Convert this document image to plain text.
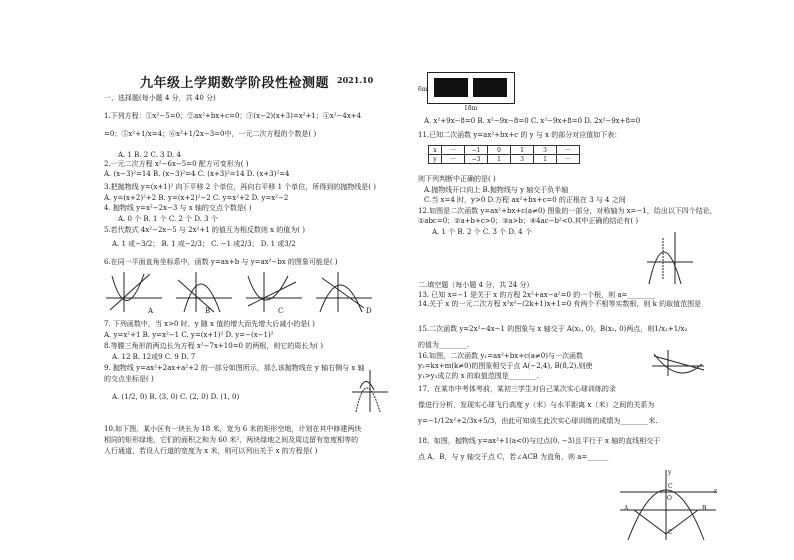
九年级上学期数学阶段性检测题 2021.10
一、选择题(每小题 4 分，共 40 分)
1.下列方程：①x²−5=0；②ax²+bx+c=0；③(x−2)(x+3)=x²+1；④x²−4x+4
=0；⑤x²+1/x=4；⑥x²+1/2x−3=0中，一元二次方程的个数是( )
A. 1 B. 2 C. 3 D. 4
2.一元二次方程 x²−6x−5=0 配方可变形为( )
A. (x−3)²=14 B. (x−3)²=4 C. (x+3)²=14 D. (x+3)²=4
3.把抛物线 y=(x+1)² 向下平移 2 个单位，再向右平移 1 个单位，所得到的抛物线是( )
A. y=(x+2)²+2 B. y=(x+2)²−2 C. y=x²+2 D. y=x²−2
4. 抛物线 y=x²−2x−3 与 x 轴的交点个数是( )
A. 0 个 B. 1 个 C. 2 个 D. 3 个
5.若代数式 4x²−2x−5 与 2x²+1 的值互为相反数则 x 的值为( )
A. 1 或−3/2； B. 1 或−2/3； C. −1 或2/3； D. 1 或3/2
6.在同一平面直角坐标系中，函数 y=ax+b 与 y=ax²−bx 的图象可能是( )
A	B	C	D
7. 下列函数中，当 x>0 时，y 随 x 值的增大而先增大后减小的是( )
A. y=x²+1 B. y=x²−1 C. y=(x+1)² D. y=−(x−1)²
8.等腰三角形的两边长为方程 x²−7x+10=0 的两根，则它的周长为( )
A. 12 B. 12或9 C. 9 D. 7
9. 抛物线 y=ax²+2ax+a²+2 的一部分如图所示，那么该抛物线在 y 轴右侧与 x 轴
的交点坐标是( )
A. (1/2, 0) B. (3, 0) C. (2, 0) D. (1, 0)
10.如下图，某小区有一块长为 18 米，宽为 6 米的矩形空地，计划在其中修建两块
相同的矩形绿地，它们的面积之和为 60 米²，两块绿地之间及周边留有宽度相等的
人行通道，若设人行道的宽度为 x 米，则可以列出关于 x 的方程是( )
6m
18m
A. x²+9x−8=0 B. x²−9x−8=0 C. x²−9x+8=0 D. 2x²−9x+8=0
11.已知二次函数 y=ax²+bx+c 的 y 与 x 的部分对应值如下表：
x	···	−1	0	1	3	···
y	···	−3	1	3	1	···
则下列判断中正确的是( )
A.抛物线开口向上 B.抛物线与 y 轴交于负半轴
C.当 x=4 时，y>0 D.方程 ax²+bx+c=0 的正根在 3 与 4 之间
12.如图是二次函数 y=ax²+bx+c(a≠0) 图象的一部分，对称轴为 x=−1，给出以下四个结论，
①abc=0；②a+b+c>0；③a>b；④4ac−b²<0.其中正确的结论有( )
A. 1 个 B. 2 个 C. 3 个 D. 4 个
二.填空题（每小题 4 分，共 24 分）
13. 已知 x=−1 是关于 x 的方程 2x²+ax−a²=0 的一个根，则 a=________
14.关于 x 的一元二次方程 x²x²−(2k+1)x+1=0 有两个不相等实数根，则 k 的取值范围是
的值为________.
15.二次函数 y=2x²−4x−1 的图象与 x 轴交于 A(x₁, 0)，B(x₂, 0)两点，则1/x₁+1/x₂
16.如图，二次函数 y₁=ax²+bx+c(a≠0)与一次函数
y₂=kx+m(k≠0)的图象相交于点 A(−2,4), B(8,2),则使
y₁>y₂成立的 x 的取值范围是________.
17、在某市中考体考前，某初三学生对自己某次实心球训练的录
像进行分析，发现实心球飞行高度 y（米）与水平距离 x（米）之间的关系为
y=−1/12x²+2/3x+5/3，由此可知该生此次实心球训练的成绩为________米.
18、如图，抛物线 y=ax²+1(a<0)与过点(0, −3)且平行于 x 轴的直线相交于
点 A、B，与 y 轴交于点 C，若∠ACB 为直角，则 a=______
C
O
A	B
x
y
C
